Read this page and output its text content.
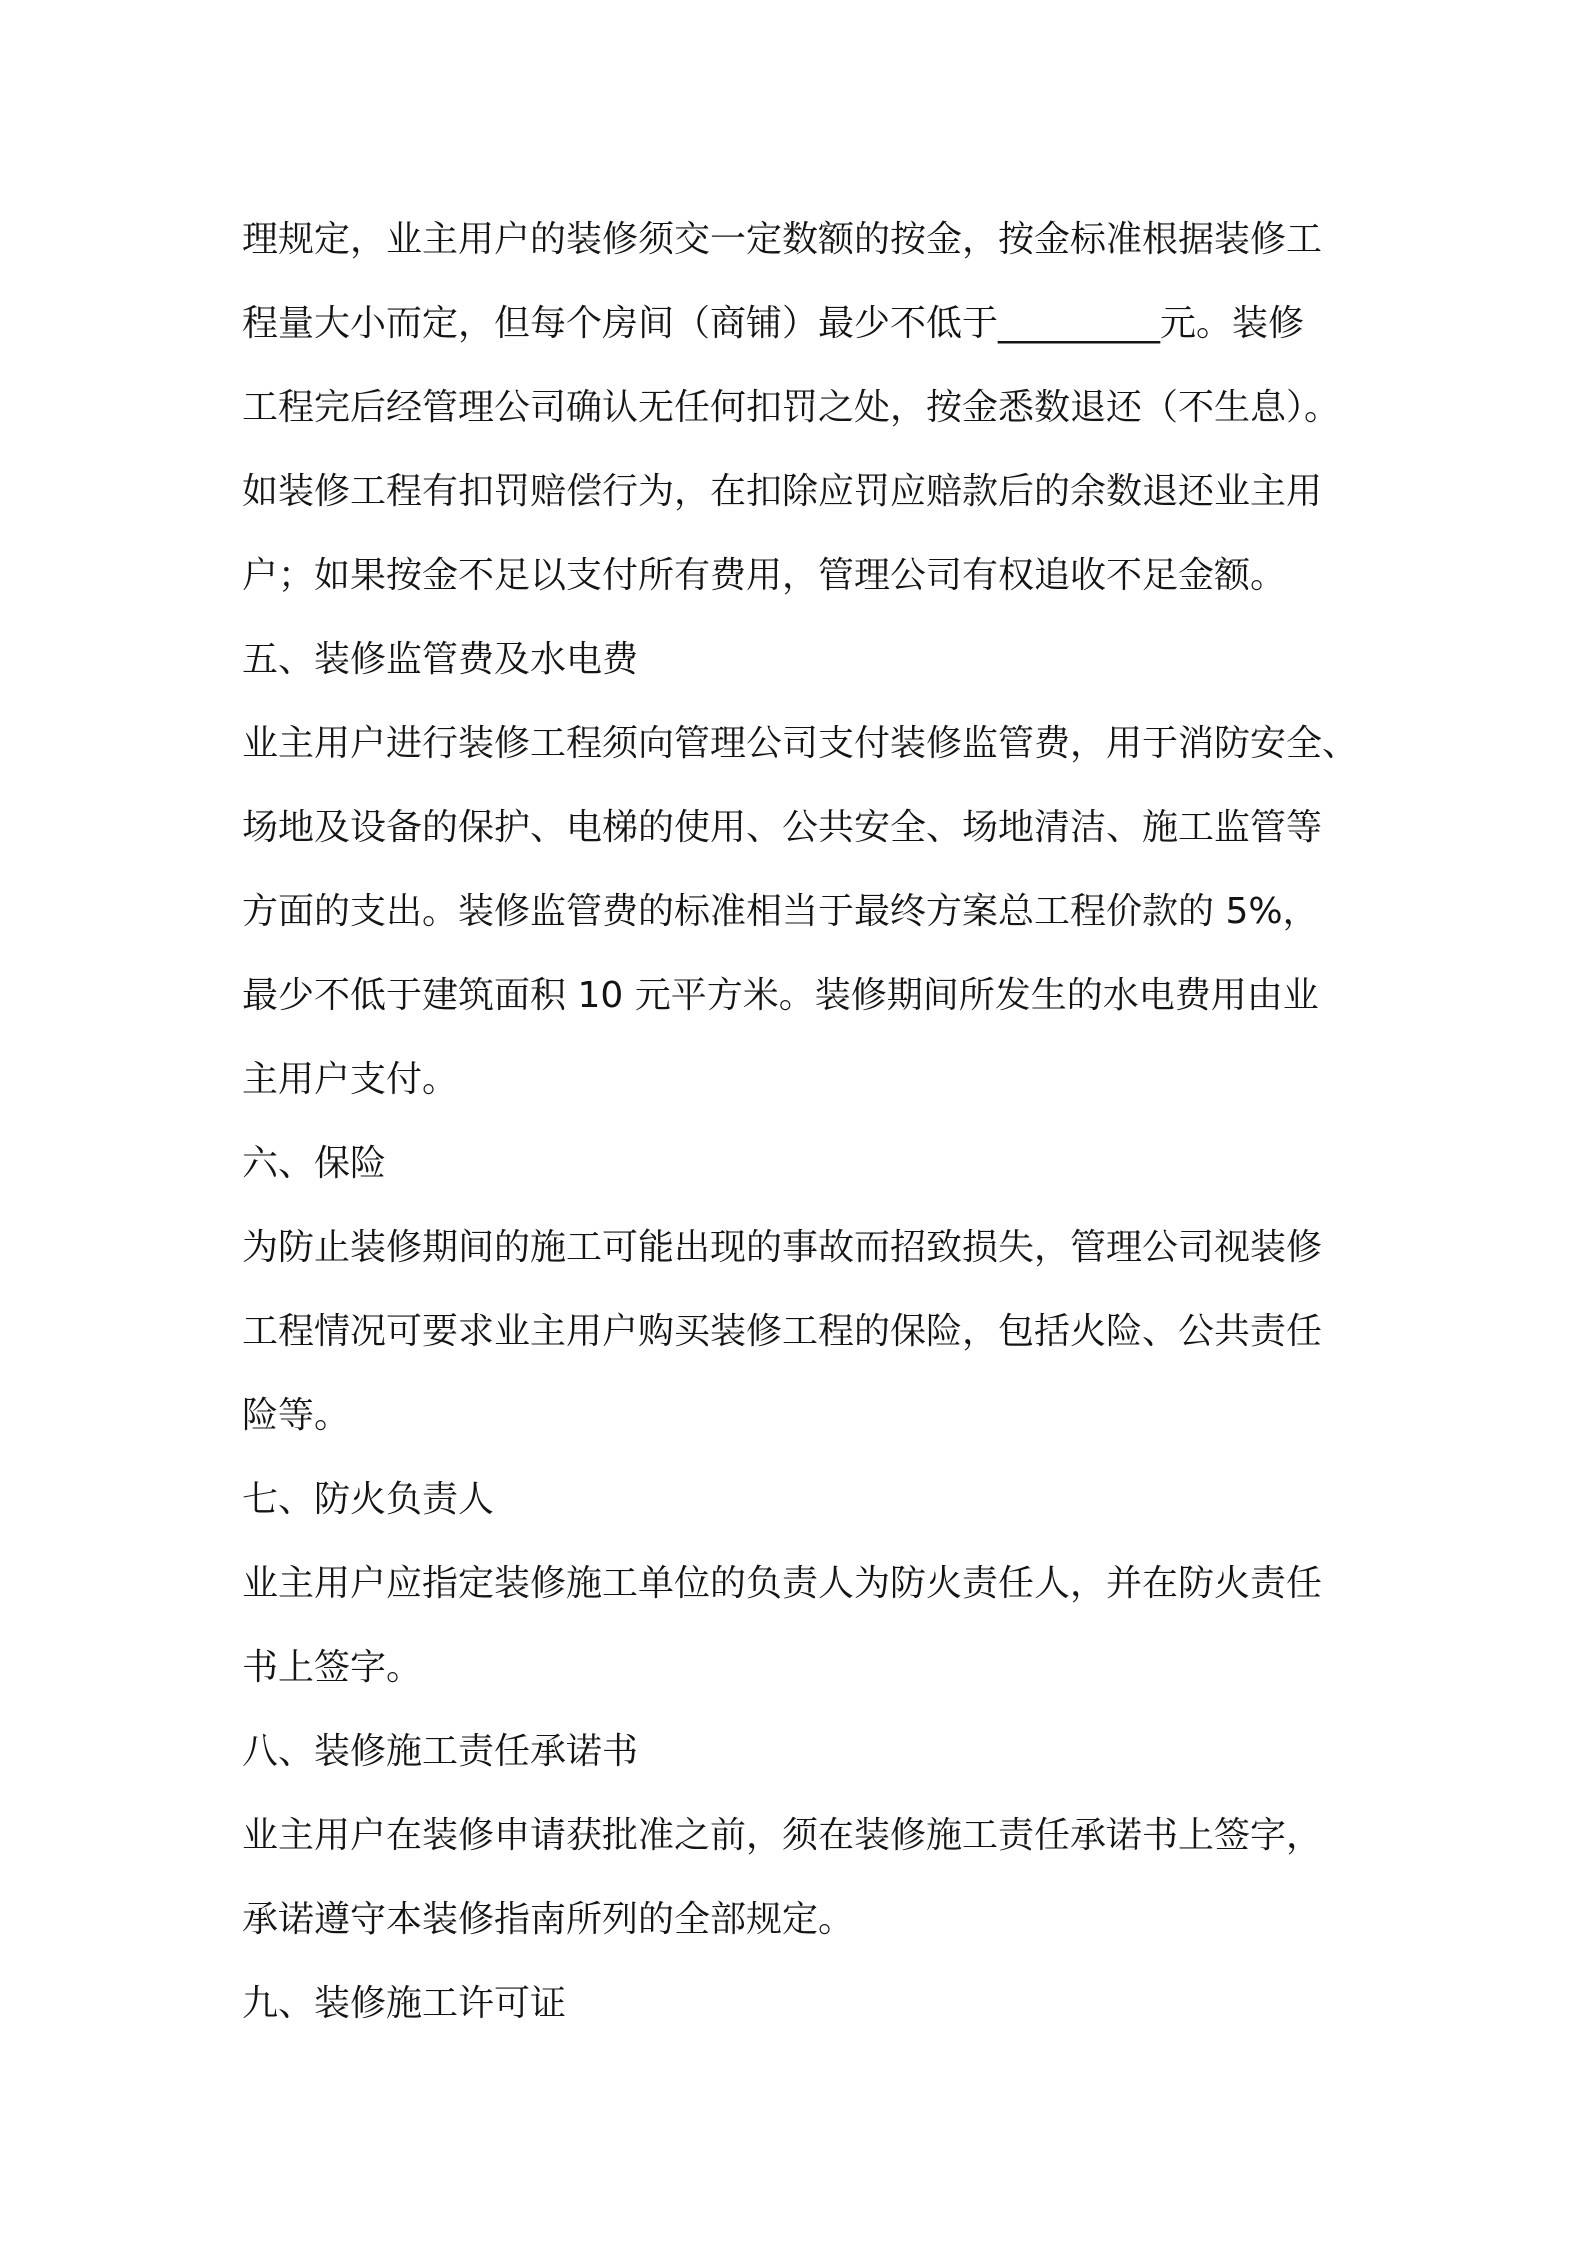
理规定，业主用户的装修须交一定数额的按金，按金标准根据装修工
程量大小而定，但每个房间（商铺）最少不低于_________元。装修
工程完后经管理公司确认无任何扣罚之处，按金悉数退还（不生息）。
如装修工程有扣罚赔偿行为，在扣除应罚应赔款后的余数退还业主用
户；如果按金不足以支付所有费用，管理公司有权追收不足金额。
五、装修监管费及水电费
业主用户进行装修工程须向管理公司支付装修监管费，用于消防安全、
场地及设备的保护、电梯的使用、公共安全、场地清洁、施工监管等
方面的支出。装修监管费的标准相当于最终方案总工程价款的 5%，
最少不低于建筑面积 10 元平方米。装修期间所发生的水电费用由业
主用户支付。
六、保险
为防止装修期间的施工可能出现的事故而招致损失，管理公司视装修
工程情况可要求业主用户购买装修工程的保险，包括火险、公共责任
险等。
七、防火负责人
业主用户应指定装修施工单位的负责人为防火责任人，并在防火责任
书上签字。
八、装修施工责任承诺书
业主用户在装修申请获批准之前，须在装修施工责任承诺书上签字，
承诺遵守本装修指南所列的全部规定。
九、装修施工许可证
